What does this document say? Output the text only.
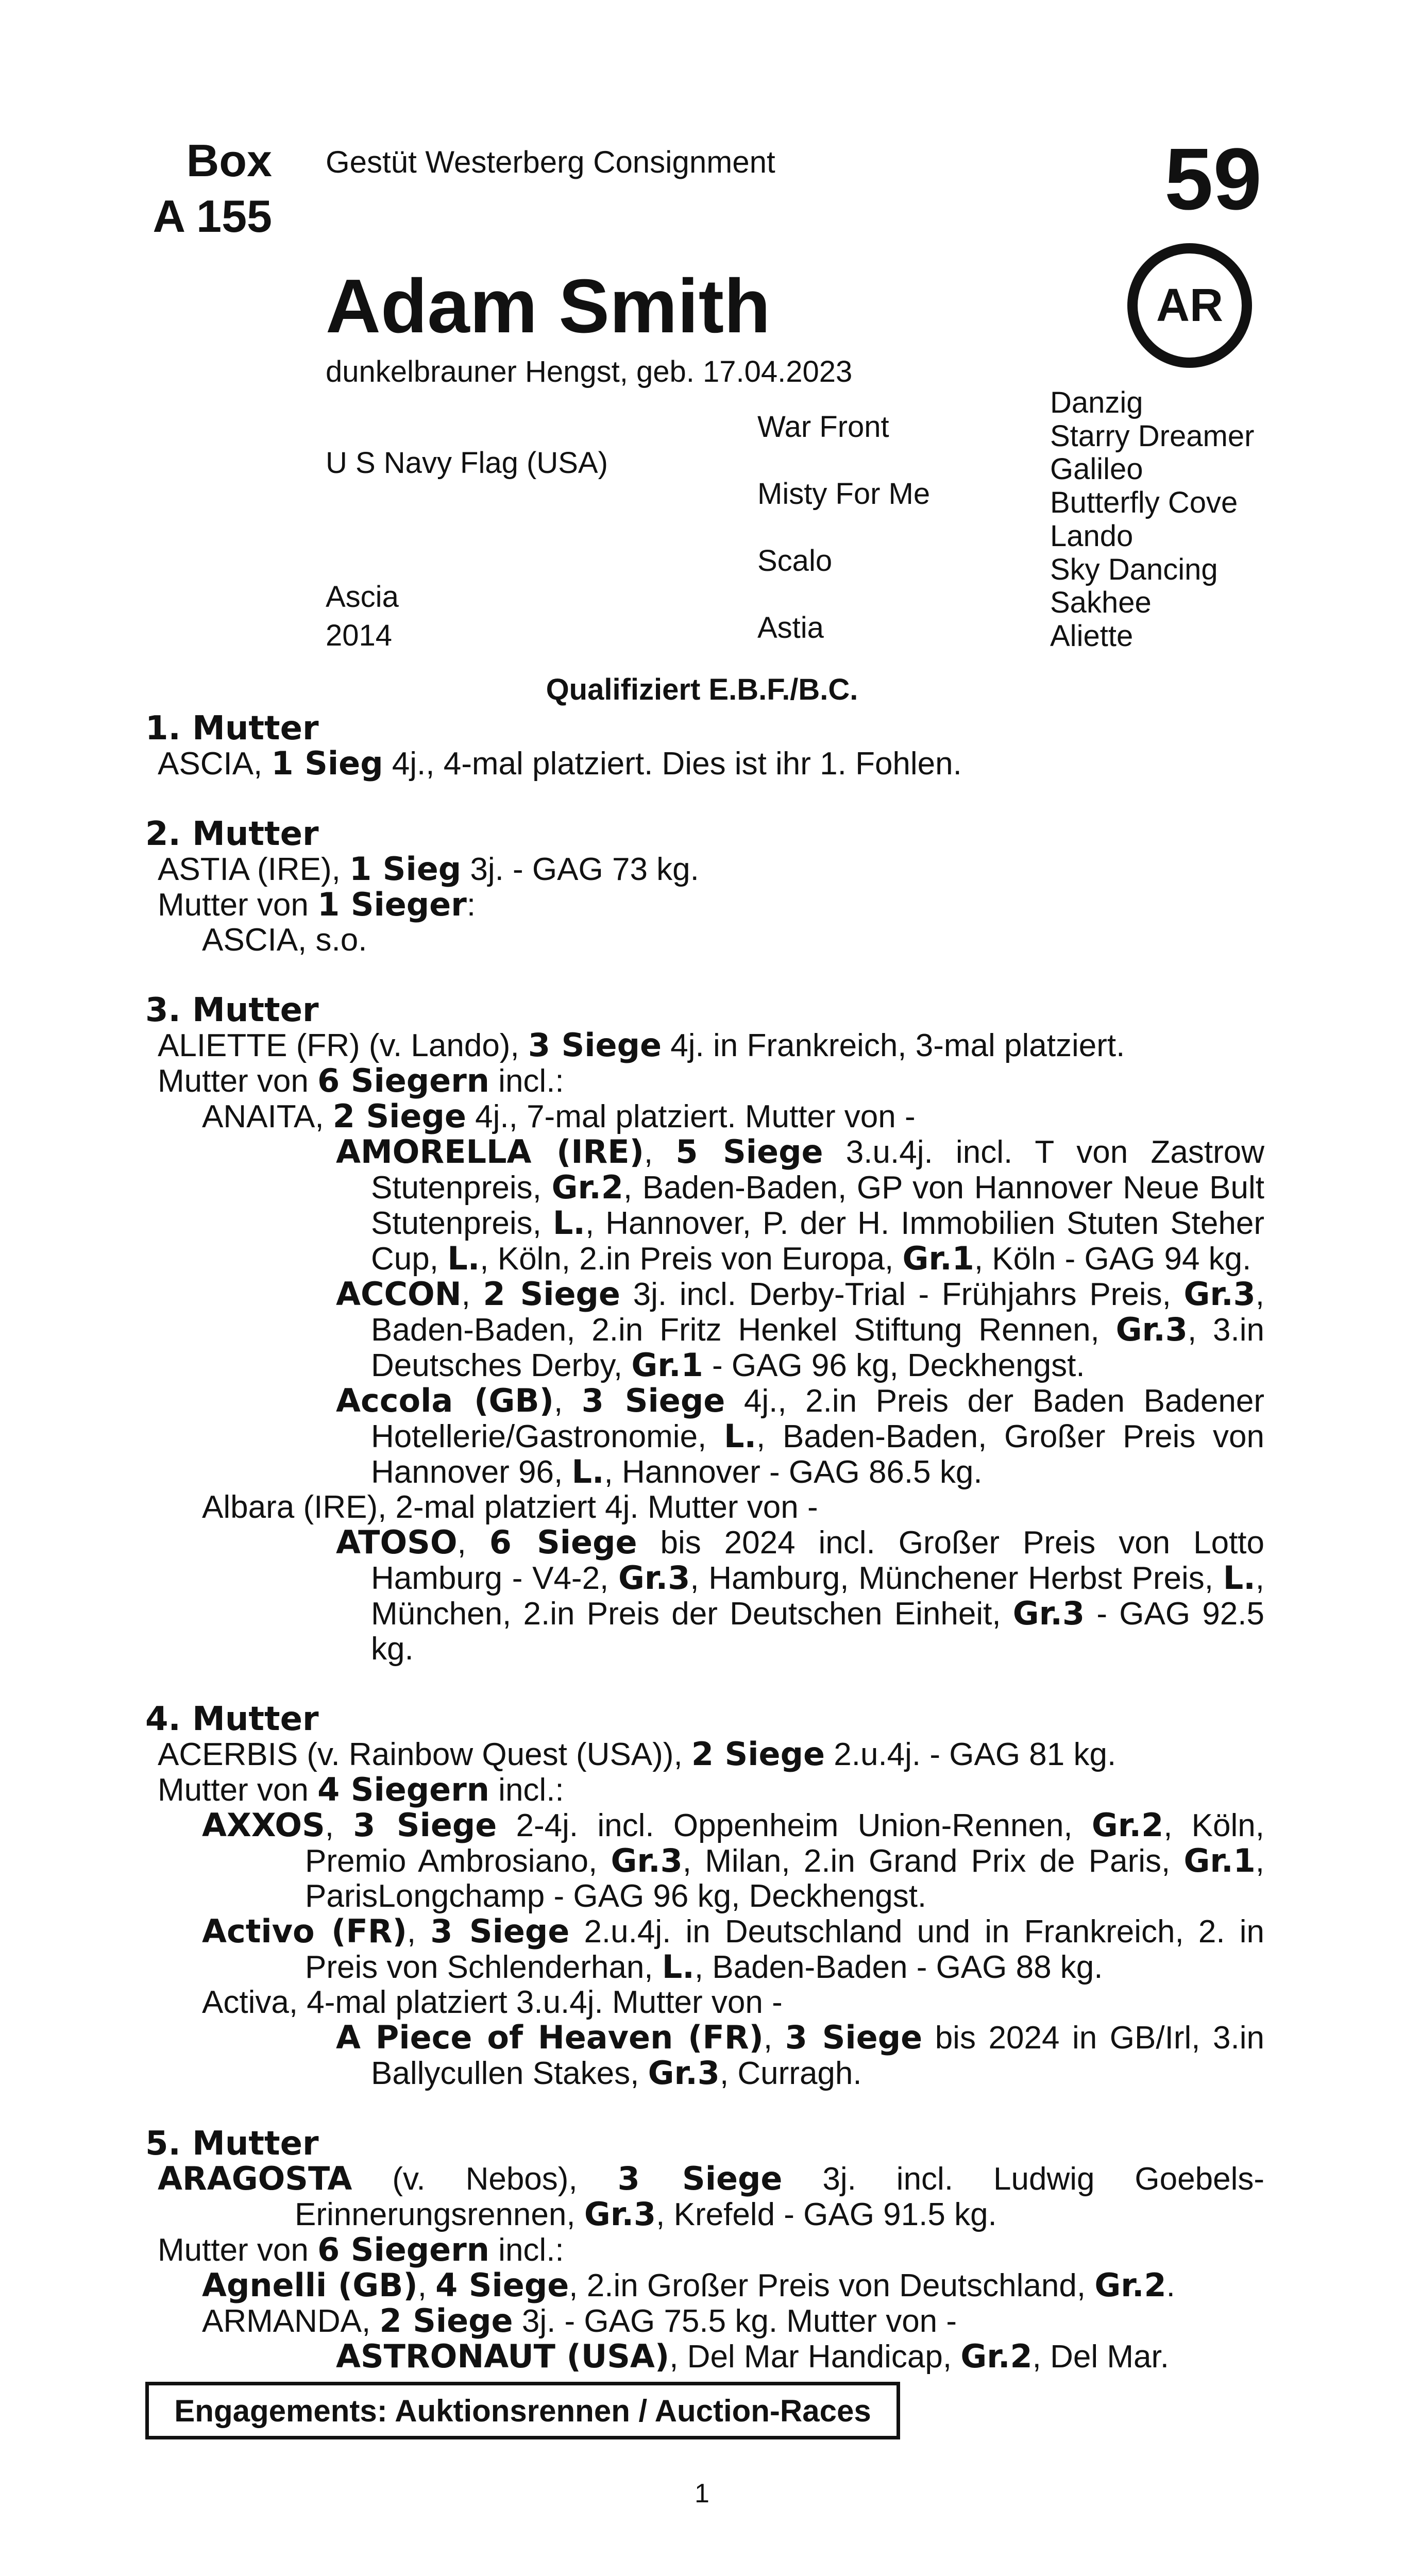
Box
A 155
Gestüt Westerberg Consignment	59
AR
Adam Smith
dunkelbrauner Hengst, geb. 17.04.2023
U S Navy Flag (USA)
Ascia
2014
War Front
Misty For Me
Scalo
Astia
Danzig
Starry Dreamer
Galileo
Butterfly Cove
Lando
Sky Dancing
Sakhee
Aliette
Qualifiziert E.B.F./B.C.
1. Mutter
ASCIA, 1 Sieg 4j., 4-mal platziert. Dies ist ihr 1. Fohlen.
2. Mutter
ASTIA (IRE), 1 Sieg 3j. - GAG 73 kg.
Mutter von 1 Sieger:
ASCIA, s.o.
3. Mutter
ALIETTE (FR) (v. Lando), 3 Siege 4j. in Frankreich, 3-mal platziert.
Mutter von 6 Siegern incl.:
ANAITA, 2 Siege 4j., 7-mal platziert. Mutter von -
AMORELLA (IRE), 5 Siege 3.u.4j. incl. T von Zastrow Stutenpreis, Gr.2, Baden-Baden, GP von Hannover Neue Bult Stutenpreis, L., Hannover, P. der H. Immobilien Stuten Steher Cup, L., Köln, 2.in Preis von Europa, Gr.1, Köln - GAG 94 kg.
ACCON, 2 Siege 3j. incl. Derby-Trial - Frühjahrs Preis, Gr.3, Baden-Baden, 2.in Fritz Henkel Stiftung Rennen, Gr.3, 3.in Deutsches Derby, Gr.1 - GAG 96 kg, Deckhengst.
Accola (GB), 3 Siege 4j., 2.in Preis der Baden Badener Hotellerie/Gastronomie, L., Baden-Baden, Großer Preis von Hannover 96, L., Hannover - GAG 86.5 kg.
Albara (IRE), 2-mal platziert 4j. Mutter von -
ATOSO, 6 Siege bis 2024 incl. Großer Preis von Lotto Hamburg - V4-2, Gr.3, Hamburg, Münchener Herbst Preis, L., München, 2.in Preis der Deutschen Einheit, Gr.3 - GAG 92.5 kg.
4. Mutter
ACERBIS (v. Rainbow Quest (USA)), 2 Siege 2.u.4j. - GAG 81 kg.
Mutter von 4 Siegern incl.:
AXXOS, 3 Siege 2-4j. incl. Oppenheim Union-Rennen, Gr.2, Köln, Premio Ambrosiano, Gr.3, Milan, 2.in Grand Prix de Paris, Gr.1, ParisLongchamp - GAG 96 kg, Deckhengst.
Activo (FR), 3 Siege 2.u.4j. in Deutschland und in Frankreich, 2. in Preis von Schlenderhan, L., Baden-Baden - GAG 88 kg.
Activa, 4-mal platziert 3.u.4j. Mutter von -
A Piece of Heaven (FR), 3 Siege bis 2024 in GB/Irl, 3.in Ballycullen Stakes, Gr.3, Curragh.
5. Mutter
ARAGOSTA (v. Nebos), 3 Siege 3j. incl. Ludwig Goebels-Erinnerungsrennen, Gr.3, Krefeld - GAG 91.5 kg.
Mutter von 6 Siegern incl.:
Agnelli (GB), 4 Siege, 2.in Großer Preis von Deutschland, Gr.2.
ARMANDA, 2 Siege 3j. - GAG 75.5 kg. Mutter von -
ASTRONAUT (USA), Del Mar Handicap, Gr.2, Del Mar.
Engagements: Auktionsrennen / Auction-Races
1
